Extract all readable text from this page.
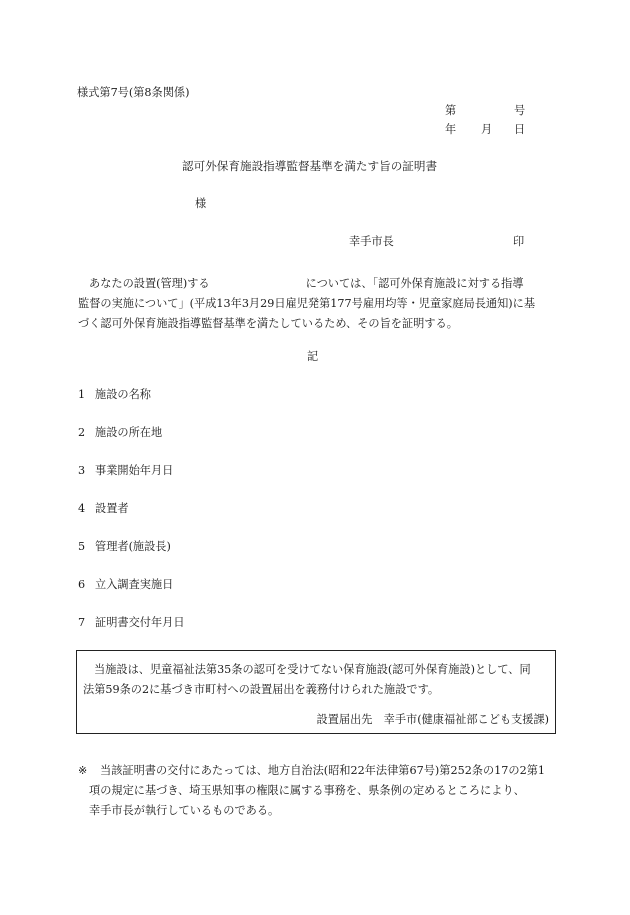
様式第7号(第8条関係)
第	号
年 月 日
認可外保育施設指導監督基準を満たす旨の証明書
様
幸手市長	印
あなたの設置(管理)する	については、「認可外保育施設に対する指導
監督の実施について」(平成13年3月29日雇児発第177号雇用均等・児童家庭局長通知)に基
づく認可外保育施設指導監督基準を満たしているため、その旨を証明する。
記
1 施設の名称
2 施設の所在地
3 事業開始年月日
4 設置者
5 管理者(施設長)
6 立入調査実施日
7 証明書交付年月日
当施設は、児童福祉法第35条の認可を受けてない保育施設(認可外保育施設)として、同
法第59条の2に基づき市町村への設置届出を義務付けられた施設です。
設置届出先　幸手市(健康福祉部こども支援課)
※ 当該証明書の交付にあたっては、地方自治法(昭和22年法律第67号)第252条の17の2第1
項の規定に基づき、埼玉県知事の権限に属する事務を、県条例の定めるところにより、
幸手市長が執行しているものである。
